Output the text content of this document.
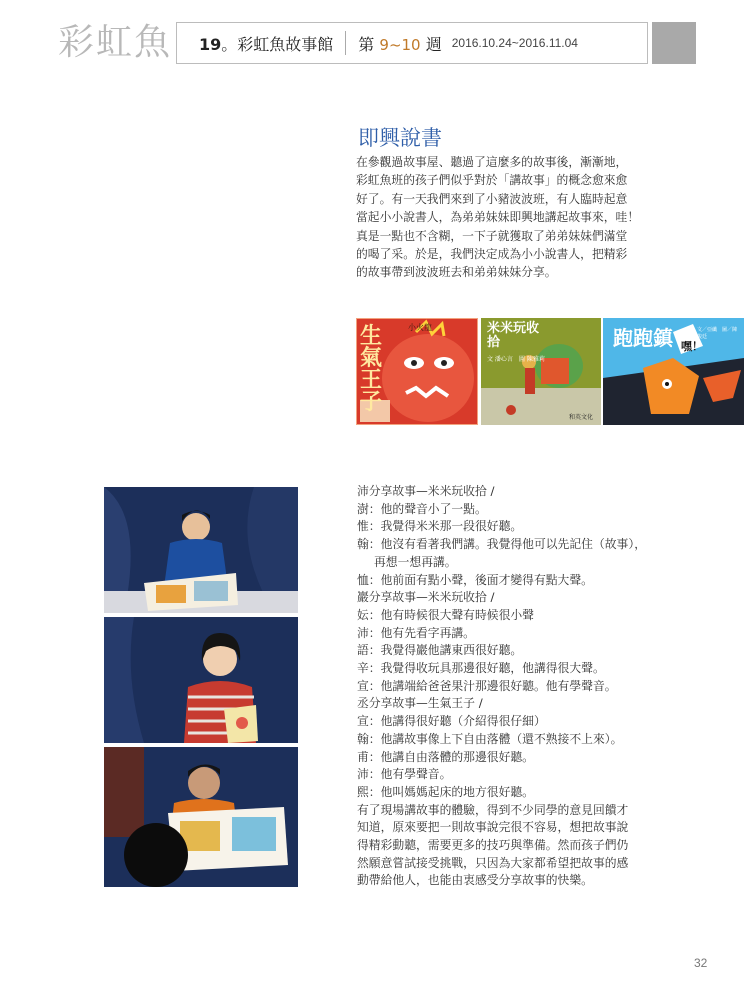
彩虹魚 19。彩虹魚故事館 第 9~10 週 2016.10.24~2016.11.04
即興說書

在參觀過故事屋、聽過了這麼多的故事後，漸漸地，

彩虹魚班的孩子們似乎對於「講故事」的概念愈來愈

好了。有一天我們來到了小豬波波班，有人臨時起意

當起小小說書人，為弟弟妹妹即興地講起故事來，哇！

真是一點也不含糊，一下子就獲取了弟弟妹妹們滿堂

的喝了采。於是，我們決定成為小小說書人，把精彩

的故事帶到波波班去和弟弟妹妹分享。

生氣王子
小火龍	米米玩收拾
文 潘心言　圖 陳雅莉
和英文化
跑跑鎮	文／亞纖　圖／陳俊廷
嘿！
沛分享故事—米米玩收拾 /
澍：他的聲音小了一點。
惟：我覺得米米那一段很好聽。
翰：他沒有看著我們講。我覺得他可以先記住（故事），
再想一想再講。
恤：他前面有點小聲，後面才變得有點大聲。
巖分享故事—米米玩收拾 /
妘：他有時候很大聲有時候很小聲
沛：他有先看字再講。
語：我覺得巖他講東西很好聽。
辛：我覺得收玩具那邊很好聽，他講得很大聲。
宣：他講端給爸爸果汁那邊很好聽。他有學聲音。
丞分享故事—生氣王子 /
宣：他講得很好聽（介紹得很仔細）
翰：他講故事像上下自由落體（還不熟接不上來）。
甫：他講自由落體的那邊很好聽。
沛：他有學聲音。
熙：他叫媽媽起床的地方很好聽。
有了現場講故事的體驗，得到不少同學的意見回饋才
知道，原來要把一則故事說完很不容易，想把故事說
得精彩動聽，需要更多的技巧與準備。然而孩子們仍
然願意嘗試接受挑戰，只因為大家都希望把故事的感
動帶給他人，也能由衷感受分享故事的快樂。
32
